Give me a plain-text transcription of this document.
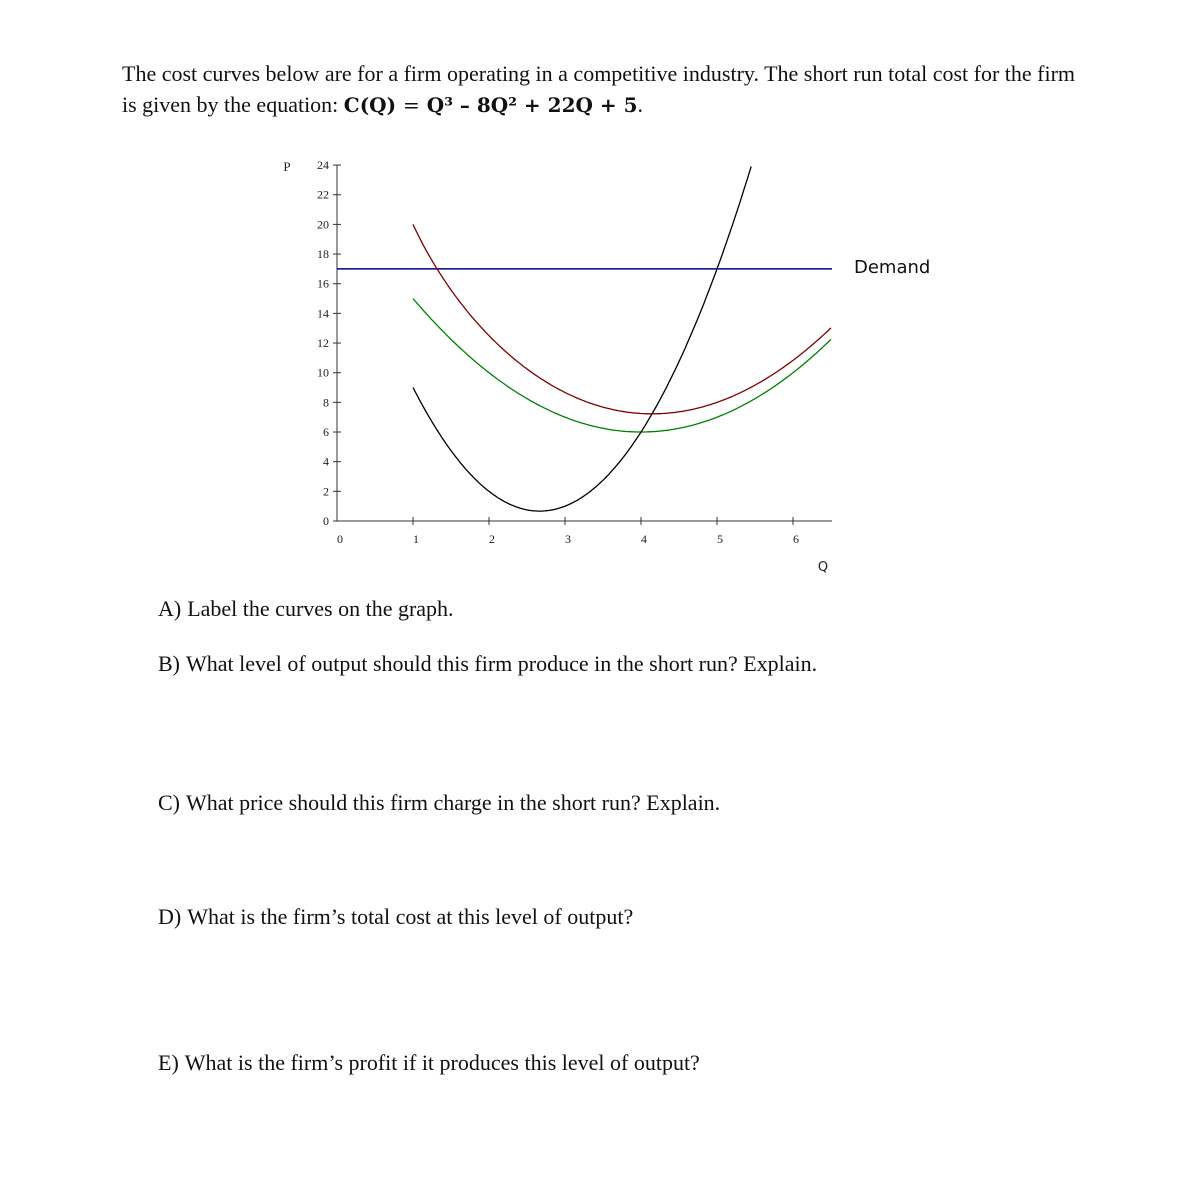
The cost curves below are for a firm operating in a competitive industry. The short run total cost for the firm is given by the equation: C(Q) = Q³ – 8Q² + 22Q + 5.
0
2
4
6
8
10
12
14
16
18
20
22
24
0	1	2	3	4	5	6
P
Q
Demand
A) Label the curves on the graph.
B) What level of output should this firm produce in the short run? Explain.
C) What price should this firm charge in the short run? Explain.
D) What is the firm’s total cost at this level of output?
E) What is the firm’s profit if it produces this level of output?
